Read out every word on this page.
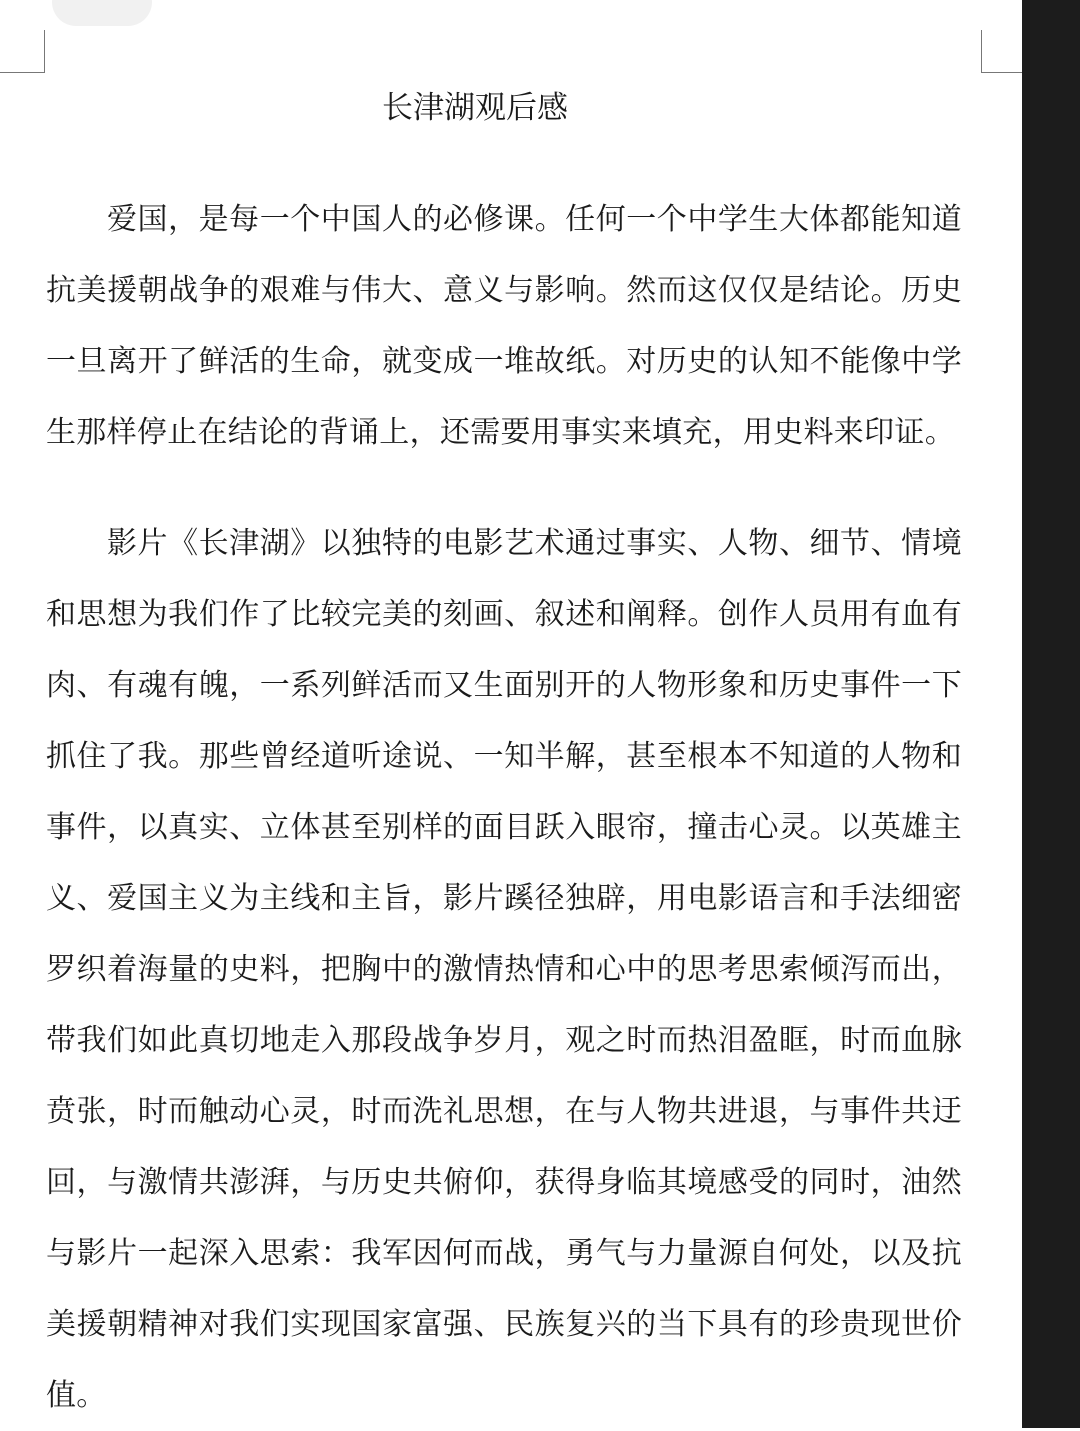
长津湖观后感

爱国，是每一个中国人的必修课。任何一个中学生大体都能知道抗美援朝战争的艰难与伟大、意义与影响。然而这仅仅是结论。历史一旦离开了鲜活的生命，就变成一堆故纸。对历史的认知不能像中学生那样停止在结论的背诵上，还需要用事实来填充，用史料来印证。

影片《长津湖》以独特的电影艺术通过事实、人物、细节、情境和思想为我们作了比较完美的刻画、叙述和阐释。创作人员用有血有肉、有魂有魄，一系列鲜活而又生面别开的人物形象和历史事件一下抓住了我。那些曾经道听途说、一知半解，甚至根本不知道的人物和事件，以真实、立体甚至别样的面目跃入眼帘，撞击心灵。以英雄主义、爱国主义为主线和主旨，影片蹊径独辟，用电影语言和手法细密罗织着海量的史料，把胸中的激情热情和心中的思考思索倾泻而出，带我们如此真切地走入那段战争岁月，观之时而热泪盈眶，时而血脉贲张，时而触动心灵，时而洗礼思想，在与人物共进退，与事件共迂回，与激情共澎湃，与历史共俯仰，获得身临其境感受的同时，油然与影片一起深入思索：我军因何而战，勇气与力量源自何处，以及抗美援朝精神对我们实现国家富强、民族复兴的当下具有的珍贵现世价值。
